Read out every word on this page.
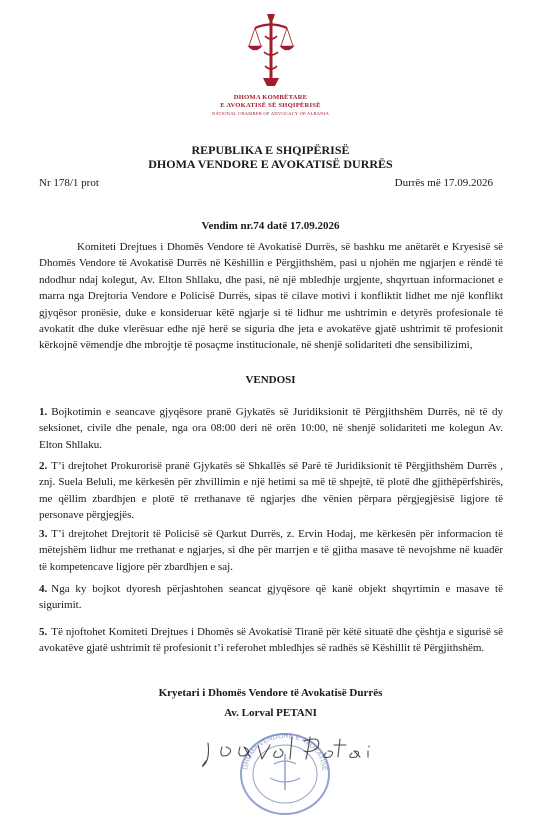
DHOMA KOMBËTARE
E AVOKATISË SË SHQIPËRISË
NATIONAL CHAMBER OF ADVOCACY OF ALBANIA
REPUBLIKA E SHQIPËRISË
DHOMA VENDORE E AVOKATISË DURRËS
Nr 178/1 prot	Durrës më 17.09.2026
Vendim nr.74 datë 17.09.2026
Komiteti Drejtues i Dhomës Vendore të Avokatisë Durrës, së bashku me anëtarët e Kryesisë së Dhomës Vendore të Avokatisë Durrës në Këshillin e Përgjithshëm, pasi u njohën me ngjarjen e rëndë të ndodhur ndaj kolegut, Av. Elton Shllaku, dhe pasi, në një mbledhje urgjente, shqyrtuan informacionet e marra nga Drejtoria Vendore e Policisë Durrës, sipas të cilave motivi i konfliktit lidhet me një konflikt gjyqësor pronësie, duke e konsideruar këtë ngjarje si të lidhur me ushtrimin e detyrës profesionale të avokatit dhe duke vlerësuar edhe një herë se siguria dhe jeta e avokatëve gjatë ushtrimit të profesionit kërkojnë vëmendje dhe mbrojtje të posaçme institucionale, në shenjë solidariteti dhe sensibilizimi,
VENDOSI
1. Bojkotimin e seancave gjyqësore pranë Gjykatës së Juridiksionit të Përgjithshëm Durrës, në të dy seksionet, civile dhe penale, nga ora 08:00 deri në orën 10:00, në shenjë solidariteti me kolegun Av. Elton Shllaku.
2. T’i drejtohet Prokurorisë pranë Gjykatës së Shkallës së Parë të Juridiksionit të Përgjithshëm Durrës , znj. Suela Beluli, me kërkesën për zhvillimin e një hetimi sa më të shpejtë, të plotë dhe gjithëpërfshirës, me qëllim zbardhjen e plotë të rrethanave të ngjarjes dhe vënien përpara përgjegjësisë ligjore të personave përgjegjës.
3. T’i drejtohet Drejtorit të Policisë së Qarkut Durrës, z. Ervin Hodaj, me kërkesën për informacion të mëtejshëm lidhur me rrethanat e ngjarjes, si dhe për marrjen e të gjitha masave të nevojshme në kuadër të kompetencave ligjore për zbardhjen e saj.
4. Nga ky bojkot dyoresh përjashtohen seancat gjyqësore që kanë objekt shqyrtimin e masave të sigurimit.
5. Të njoftohet Komiteti Drejtues i Dhomës së Avokatisë Tiranë për këtë situatë dhe çështja e sigurisë së avokatëve gjatë ushtrimit të profesionit t’i referohet mbledhjes së radhës së Këshillit të Përgjithshëm.
Kryetari i Dhomës Vendore të Avokatisë Durrës
Av. Lorval PETANI
DHOMA VENDORE E AVOKATISË
